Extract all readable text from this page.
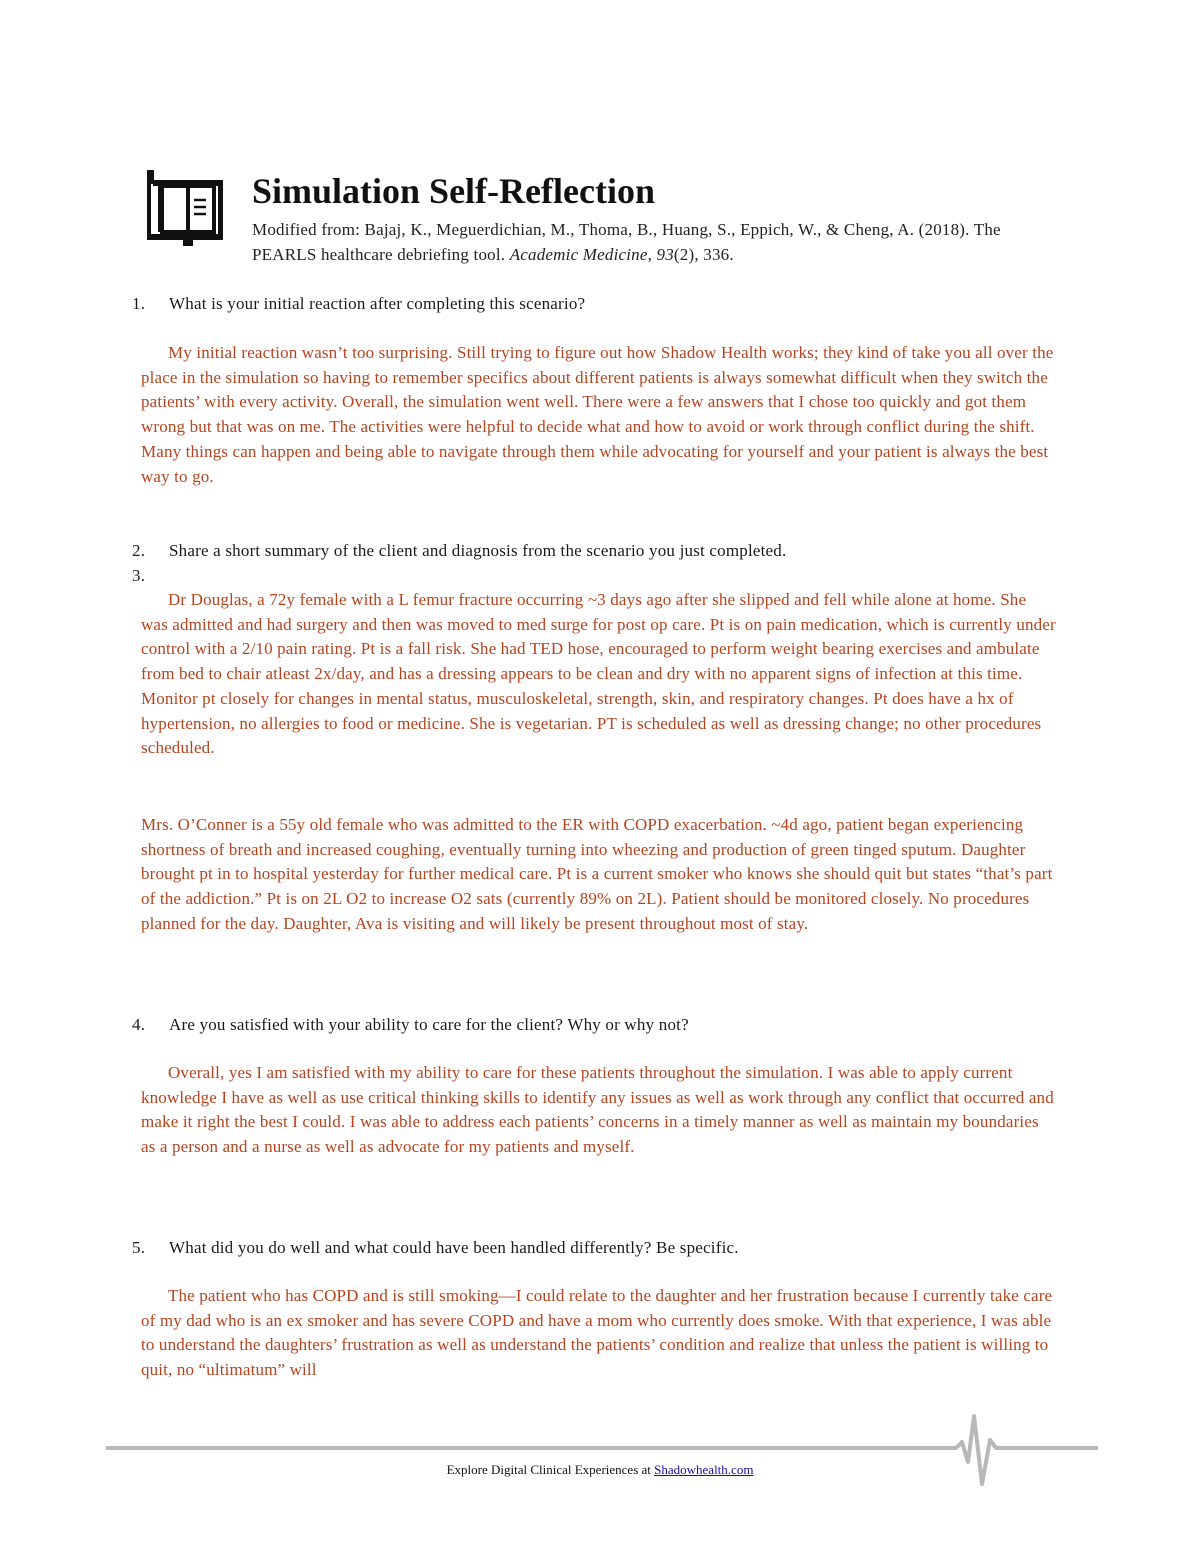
Simulation Self-Reflection
Modified from: Bajaj, K., Meguerdichian, M., Thoma, B., Huang, S., Eppich, W., & Cheng, A. (2018). The PEARLS healthcare debriefing tool. Academic Medicine, 93(2), 336.
1. What is your initial reaction after completing this scenario?

My initial reaction wasn’t too surprising. Still trying to figure out how Shadow Health works; they kind of take you all over the place in the simulation so having to remember specifics about different patients is always somewhat difficult when they switch the patients’ with every activity. Overall, the simulation went well. There were a few answers that I chose too quickly and got them wrong but that was on me. The activities were helpful to decide what and how to avoid or work through conflict during the shift. Many things can happen and being able to navigate through them while advocating for yourself and your patient is always the best way to go.

2. Share a short summary of the client and diagnosis from the scenario you just completed.
3.

Dr Douglas, a 72y female with a L femur fracture occurring ~3 days ago after she slipped and fell while alone at home. She was admitted and had surgery and then was moved to med surge for post op care. Pt is on pain medication, which is currently under control with a 2/10 pain rating. Pt is a fall risk. She had TED hose, encouraged to perform weight bearing exercises and ambulate from bed to chair atleast 2x/day, and has a dressing appears to be clean and dry with no apparent signs of infection at this time. Monitor pt closely for changes in mental status, musculoskeletal, strength, skin, and respiratory changes. Pt does have a hx of hypertension, no allergies to food or medicine. She is vegetarian. PT is scheduled as well as dressing change; no other procedures scheduled.

Mrs. O’Conner is a 55y old female who was admitted to the ER with COPD exacerbation. ~4d ago, patient began experiencing shortness of breath and increased coughing, eventually turning into wheezing and production of green tinged sputum. Daughter brought pt in to hospital yesterday for further medical care. Pt is a current smoker who knows she should quit but states “that’s part of the addiction.” Pt is on 2L O2 to increase O2 sats (currently 89% on 2L). Patient should be monitored closely. No procedures planned for the day. Daughter, Ava is visiting and will likely be present throughout most of stay.

4. Are you satisfied with your ability to care for the client? Why or why not?

Overall, yes I am satisfied with my ability to care for these patients throughout the simulation. I was able to apply current knowledge I have as well as use critical thinking skills to identify any issues as well as work through any conflict that occurred and make it right the best I could. I was able to address each patients’ concerns in a timely manner as well as maintain my boundaries as a person and a nurse as well as advocate for my patients and myself.

5. What did you do well and what could have been handled differently? Be specific.

The patient who has COPD and is still smoking—I could relate to the daughter and her frustration because I currently take care of my dad who is an ex smoker and has severe COPD and have a mom who currently does smoke. With that experience, I was able to understand the daughters’ frustration as well as understand the patients’ condition and realize that unless the patient is willing to quit, no “ultimatum” will

Explore Digital Clinical Experiences at Shadowhealth.com
